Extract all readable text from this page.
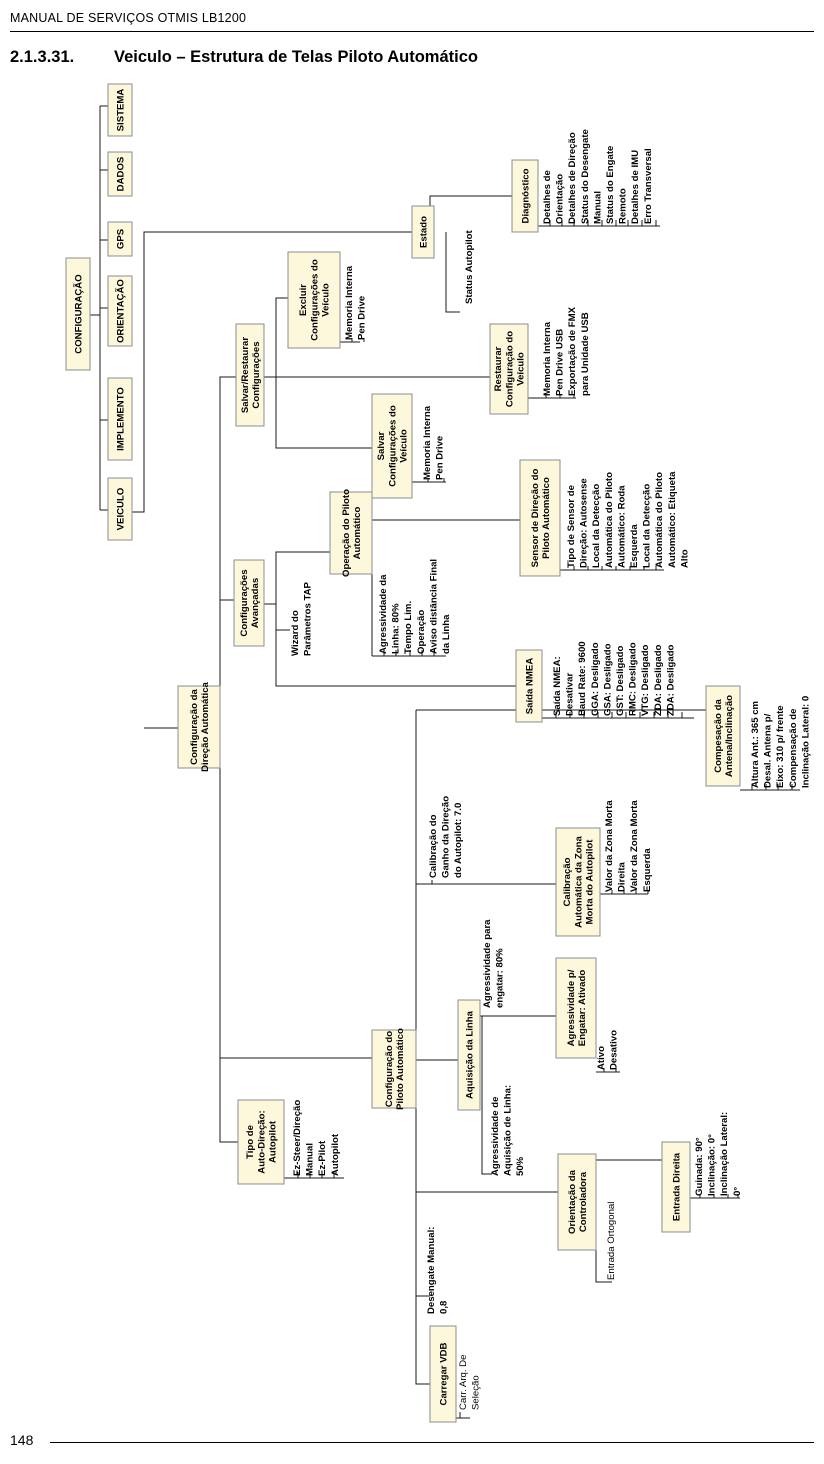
MANUAL DE SERVIÇOS OTMIS LB1200
2.1.3.31. Veiculo – Estrutura de Telas Piloto Automático
CONFIGURAÇÃO
SISTEMA
DADOS
GPS
ORIENTAÇÃO
IMPLEMENTO
VEICULO
Configuração da Direção Automática
Estado
Diagnóstico
Excluir Configurações do Veículo
Salvar/Restaurar Configurações	Restaurar Configuração do Veículo
Salvar Configurações do Veículo
Operação do Piloto Automático	Sensor de Direção do Piloto Automático
Configurações Avançadas
Saída NMEA
Compesação da Antena/Inclinação
Calibração Automática da Zona Morta do Autopilot
Agressividade p/ Engatar: Ativado
Aquisição da Linha
Configuração do Piloto Automático
Tipo de Auto-Direção: Autopilot
Orientação da Controladora	Entrada Direita
Carregar VDB
Detalhes de Orientação Detalhes de Direção Status do Desengate Manual Status do Engate Remoto Detalhes de IMU Erro Transversal
Status Autopilot
Memoria Interna Pen Drive
Memoria Interna Pen Drive USB Exportação de FMX para Unidade USB
Memoria Interna Pen Drive
Tipo de Sensor de Direção: Autosense Local da Detecção Automática do Piloto Automático: Roda Esquerda Local da Detecção Automática do Piloto Automático: Etiqueta Alto
Agressividade da Linha: 80% Tempo Lim. Operação Aviso distância Final da Linha
Wizard do Parâmetros TAP
Saída NMEA: Desativar Baud Rate: 9600 GGA: Desligado GSA: Desligado GST: Desligado RMC: Desligado VTG: Desligado ZDA: Desligado ZDA: Desligado
Altura Ant.: 365 cm Desal. Antena p/ Eixo: 310 p/ frente Compensação de Inclinação Lateral: 0
Calibração do Ganho da Direção do Autopilot: 7.0	Valor da Zona Morta Direita Valor da Zona Morta Esquerda
Agressividade para engatar: 80%
Ativo Desativo
Agressividade de Aquisição de Linha: 50%
Ez-Steer/Direção Manual Ez-Pilot Autopilot
Entrada Ortogonal
Guinada: 90° Inclinação: 0° Inclinação Lateral: 0°
Desengate Manual: 0,8
Carr. Arq. De Seleção
148
